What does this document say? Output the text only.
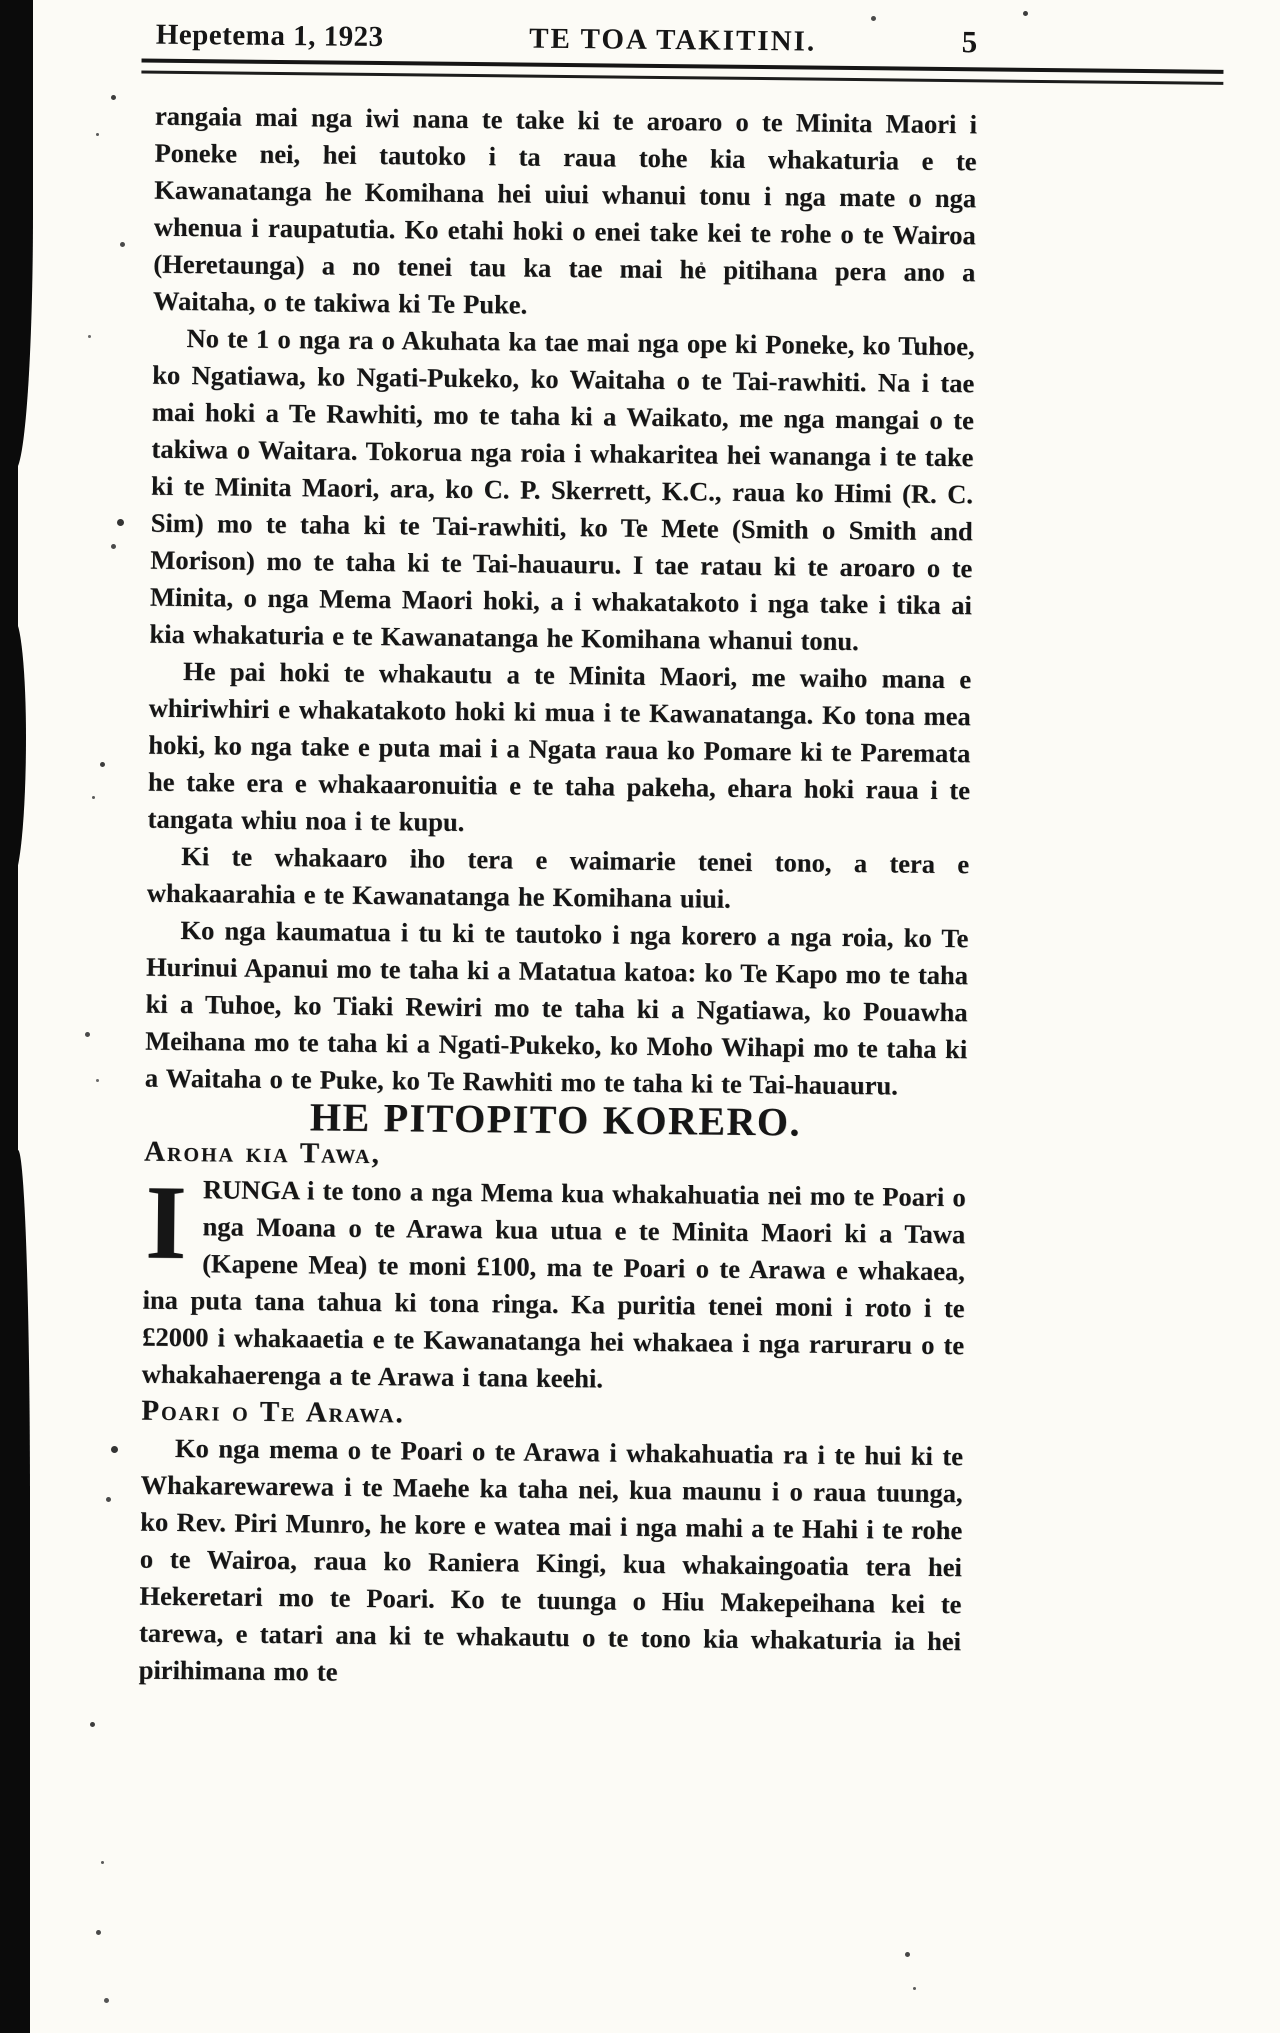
Hepetema 1, 1923	TE TOA TAKITINI.	5

rangaia mai nga iwi nana te take ki te aroaro o te Minita Maori i Poneke nei, hei tautoko i ta raua tohe kia whakaturia e te Kawanatanga he Komihana hei uiui whanui tonu i nga mate o nga whenua i raupatutia. Ko etahi hoki o enei take kei te rohe o te Wairoa (Heretaunga) a no tenei tau ka tae mai he pitihana pera ano a Waitaha, o te takiwa ki Te Puke.

No te 1 o nga ra o Akuhata ka tae mai nga ope ki Poneke, ko Tuhoe, ko Ngatiawa, ko Ngati-Pukeko, ko Waitaha o te Tai-rawhiti. Na i tae mai hoki a Te Rawhiti, mo te taha ki a Waikato, me nga mangai o te takiwa o Waitara. Tokorua nga roia i whakaritea hei wananga i te take ki te Minita Maori, ara, ko C. P. Skerrett, K.C., raua ko Himi (R. C. Sim) mo te taha ki te Tai-rawhiti, ko Te Mete (Smith o Smith and Morison) mo te taha ki te Tai-hauauru. I tae ratau ki te aroaro o te Minita, o nga Mema Maori hoki, a i whakatakoto i nga take i tika ai kia whakaturia e te Kawanatanga he Komihana whanui tonu.

He pai hoki te whakautu a te Minita Maori, me waiho mana e whiriwhiri e whakatakoto hoki ki mua i te Kawanatanga. Ko tona mea hoki, ko nga take e puta mai i a Ngata raua ko Pomare ki te Paremata he take era e whakaaronuitia e te taha pakeha, ehara hoki raua i te tangata whiu noa i te kupu.

Ki te whakaaro iho tera e waimarie tenei tono, a tera e whakaarahia e te Kawanatanga he Komihana uiui.

Ko nga kaumatua i tu ki te tautoko i nga korero a nga roia, ko Te Hurinui Apanui mo te taha ki a Matatua katoa: ko Te Kapo mo te taha ki a Tuhoe, ko Tiaki Rewiri mo te taha ki a Ngatiawa, ko Pouawha Meihana mo te taha ki a Ngati-Pukeko, ko Moho Wihapi mo te taha ki a Waitaha o te Puke, ko Te Rawhiti mo te taha ki te Tai-hauauru.

HE PITOPITO KORERO.

Aroha kia Tawa,

I RUNGA i te tono a nga Mema kua whakahuatia nei mo te Poari o nga Moana o te Arawa kua utua e te Minita Maori ki a Tawa (Kapene Mea) te moni £100, ma te Poari o te Arawa e whakaea, ina puta tana tahua ki tona ringa. Ka puritia tenei moni i roto i te £2000 i whakaaetia e te Kawanatanga hei whakaea i nga raruraru o te whakahaerenga a te Arawa i tana keehi.

Poari o Te Arawa.

Ko nga mema o te Poari o te Arawa i whakahuatia ra i te hui ki te Whakarewarewa i te Maehe ka taha nei, kua maunu i o raua tuunga, ko Rev. Piri Munro, he kore e watea mai i nga mahi a te Hahi i te rohe o te Wairoa, raua ko Raniera Kingi, kua whakaingoatia tera hei Hekeretari mo te Poari. Ko te tuunga o Hiu Makepeihana kei te tarewa, e tatari ana ki te whakautu o te tono kia whakaturia ia hei pirihimana mo te
